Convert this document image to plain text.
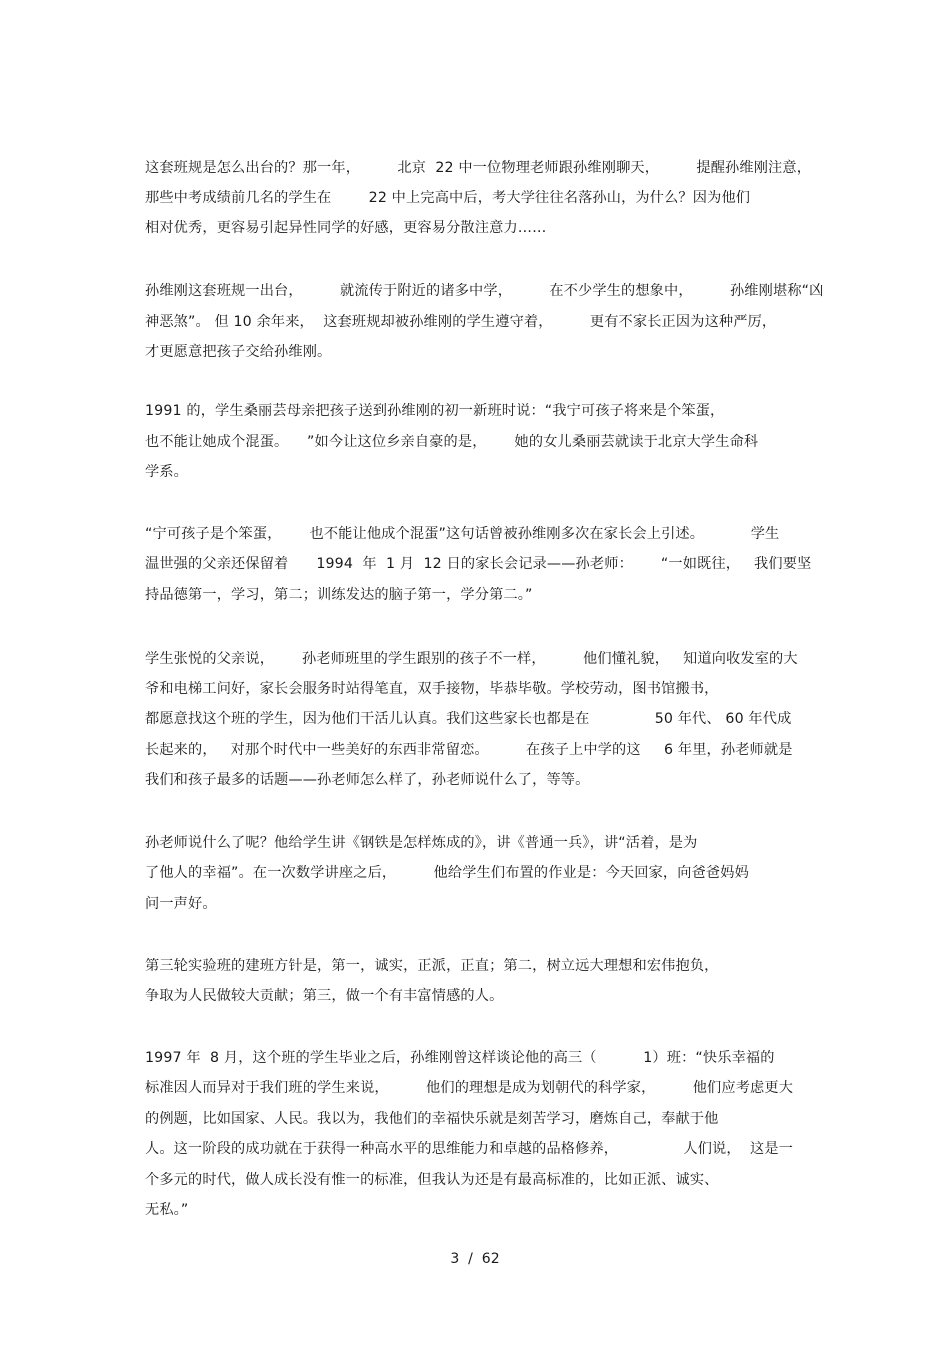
这套班规是怎么出台的？那一年，        北京  22 中一位物理老师跟孙维刚聊天，        提醒孙维刚注意，
那些中考成绩前几名的学生在        22 中上完高中后，考大学往往名落孙山，为什么？因为他们
相对优秀，更容易引起异性同学的好感，更容易分散注意力……
孙维刚这套班规一出台，        就流传于附近的诸多中学，        在不少学生的想象中，        孙维刚堪称“凶
神恶煞”。 但 10 余年来，  这套班规却被孙维刚的学生遵守着，        更有不家长正因为这种严厉，
才更愿意把孩子交给孙维刚。
1991 的，学生桑丽芸母亲把孩子送到孙维刚的初一新班时说：“我宁可孩子将来是个笨蛋，
也不能让她成个混蛋。    ”如今让这位乡亲自豪的是，      她的女儿桑丽芸就读于北京大学生命科
学系。
“宁可孩子是个笨蛋，      也不能让他成个混蛋”这句话曾被孙维刚多次在家长会上引述。          学生
温世强的父亲还保留着      1994  年  1 月  12 日的家长会记录——孙老师：      “一如既往，   我们要坚
持品德第一，学习，第二；训练发达的脑子第一，学分第二。”
学生张悦的父亲说，      孙老师班里的学生跟别的孩子不一样，        他们懂礼貌，   知道向收发室的大
爷和电梯工问好，家长会服务时站得笔直，双手接物，毕恭毕敬。学校劳动，图书馆搬书，
都愿意找这个班的学生，因为他们干活儿认真。我们这些家长也都是在              50 年代、 60 年代成
长起来的，   对那个时代中一些美好的东西非常留恋。        在孩子上中学的这     6 年里，孙老师就是
我们和孩子最多的话题——孙老师怎么样了，孙老师说什么了，等等。
孙老师说什么了呢？他给学生讲《钢铁是怎样炼成的》，讲《普通一兵》，讲“活着，是为
了他人的幸福”。在一次数学讲座之后，        他给学生们布置的作业是：今天回家，向爸爸妈妈
问一声好。
第三轮实验班的建班方针是，第一，诚实，正派，正直；第二，树立远大理想和宏伟抱负，
争取为人民做较大贡献；第三，做一个有丰富情感的人。
1997 年  8 月，这个班的学生毕业之后，孙维刚曾这样谈论他的高三（          1）班：“快乐幸福的
标准因人而异对于我们班的学生来说，        他们的理想是成为划朝代的科学家，        他们应考虑更大
的例题，比如国家、人民。我以为，我他们的幸福快乐就是刻苦学习，磨炼自己，奉献于他
人。这一阶段的成功就在于获得一种高水平的思维能力和卓越的品格修养，              人们说，  这是一
个多元的时代，做人成长没有惟一的标准，但我认为还是有最高标准的，比如正派、诚实、
无私。”
3  /  62
